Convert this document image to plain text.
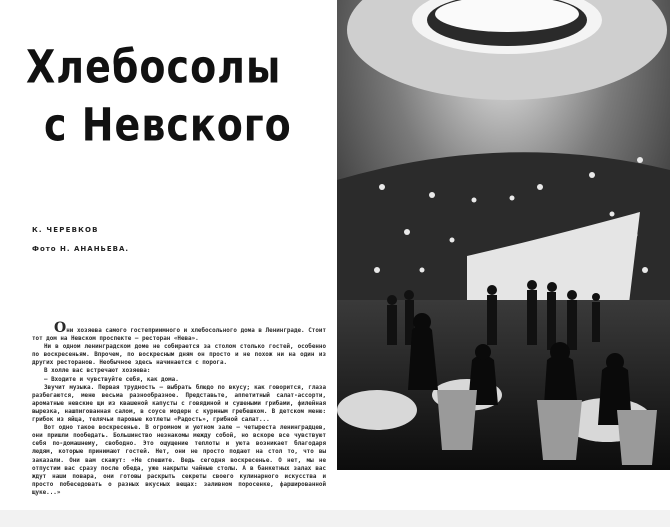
Хлебосолы
с Невского
К. ЧЕРЕВКОВ
Фото Н. АНАНЬЕВА.

Они хозяева самого гостеприимного и хлебосольного дома в Ленинграде. Стоит тот дом на Невском проспекте — ресторан «Нева».

Ни в одном ленинградском доме не собирается за столом столько гостей, особенно по воскресеньям. Впрочем, по воскресным дням он просто и не похож ни на один из других ресторанов. Необычное здесь начинается с порога.

В холле вас встречают хозяева:

— Входите и чувствуйте себя, как дома.

Звучит музыка. Первая трудность — выбрать блюдо по вкусу; как говорится, глаза разбегаются, меню весьма разнообразное. Представьте, аппетитный салат-ассорти, ароматные невские щи из квашеной капусты с говядиной и сушеными грибами, филейная вырезка, нашпигованная салом, в соусе модерн с куриным гребешком. В детском меню: грибок из яйца, телячьи паровые котлеты «Радость», грибной салат...

Вот одно такое воскресенье. В огромном и уютном зале — четыреста ленинградцев, они пришли пообедать. Большинство незнакомы между собой, но вскоре все чувствуют себя по-домашнему, свободно. Это ощущение теплоты и уюта возникает благодаря людям, которые принимают гостей. Нет, они не просто подают на стол то, что вы заказали. Они вам скажут: «Не спешите. Ведь сегодня воскресенье. О нет, мы не отпустим вас сразу после обеда, уже накрыты чайные столы. А в банкетных залах вас ждут наши повара, они готовы раскрыть секреты своего кулинарного искусства и просто побеседовать о разных вкусных вещах: заливном поросенке, фаршированной щуке...»
